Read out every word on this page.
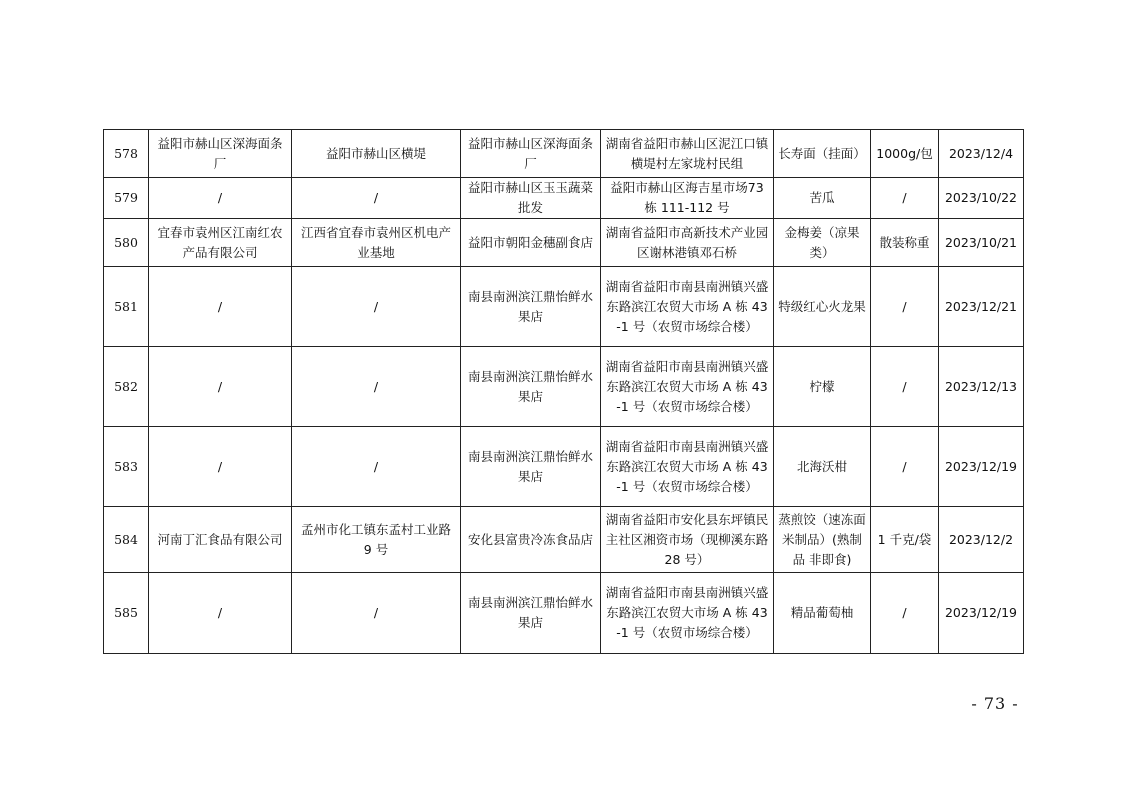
578	益阳市赫山区深海面条厂	益阳市赫山区横堤	益阳市赫山区深海面条厂	湖南省益阳市赫山区泥江口镇横堤村左家垅村民组	长寿面（挂面）	1000g/包	2023/12/4
579	/	/	益阳市赫山区玉玉蔬菜批发	益阳市赫山区海吉星市场73 栋 111-112 号	苦瓜	/	2023/10/22
580	宜春市袁州区江南红农产品有限公司	江西省宜春市袁州区机电产业基地	益阳市朝阳金穗副食店	湖南省益阳市高新技术产业园区谢林港镇邓石桥	金梅姜（凉果类）	散装称重	2023/10/21
581	/	/	南县南洲滨江鼎怡鲜水果店	湖南省益阳市南县南洲镇兴盛东路滨江农贸大市场 A 栋 43-1 号（农贸市场综合楼）	特级红心火龙果	/	2023/12/21
582	/	/	南县南洲滨江鼎怡鲜水果店	湖南省益阳市南县南洲镇兴盛东路滨江农贸大市场 A 栋 43-1 号（农贸市场综合楼）	柠檬	/	2023/12/13
583	/	/	南县南洲滨江鼎怡鲜水果店	湖南省益阳市南县南洲镇兴盛东路滨江农贸大市场 A 栋 43-1 号（农贸市场综合楼）	北海沃柑	/	2023/12/19
584	河南丁汇食品有限公司	孟州市化工镇东孟村工业路 9 号	安化县富贵冷冻食品店	湖南省益阳市安化县东坪镇民主社区湘资市场（现柳溪东路 28 号）	蒸煎饺（速冻面米制品）(熟制品 非即食)	1 千克/袋	2023/12/2
585	/	/	南县南洲滨江鼎怡鲜水果店	湖南省益阳市南县南洲镇兴盛东路滨江农贸大市场 A 栋 43-1 号（农贸市场综合楼）	精品葡萄柚	/	2023/12/19
- 73 -
